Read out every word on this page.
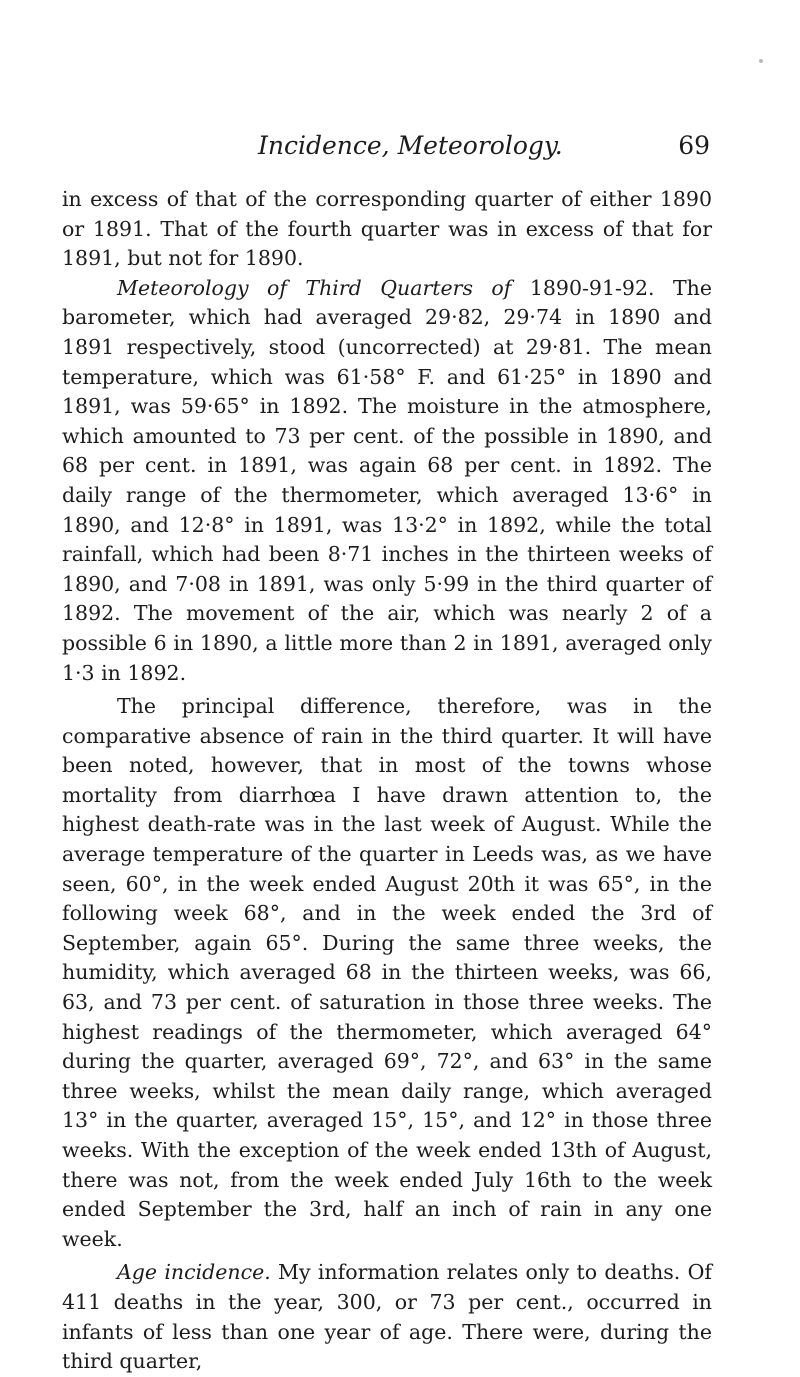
Incidence, Meteorology.	69

in excess of that of the corresponding quarter of either 1890 or 1891. That of the fourth quarter was in excess of that for 1891, but not for 1890.

Meteorology of Third Quarters of 1890-91-92. The barometer, which had averaged 29·82, 29·74 in 1890 and 1891 respectively, stood (uncorrected) at 29·81. The mean temperature, which was 61·58° F. and 61·25° in 1890 and 1891, was 59·65° in 1892. The moisture in the atmosphere, which amounted to 73 per cent. of the possible in 1890, and 68 per cent. in 1891, was again 68 per cent. in 1892. The daily range of the thermometer, which averaged 13·6° in 1890, and 12·8° in 1891, was 13·2° in 1892, while the total rainfall, which had been 8·71 inches in the thirteen weeks of 1890, and 7·08 in 1891, was only 5·99 in the third quarter of 1892. The movement of the air, which was nearly 2 of a possible 6 in 1890, a little more than 2 in 1891, averaged only 1·3 in 1892.

The principal difference, therefore, was in the comparative absence of rain in the third quarter. It will have been noted, however, that in most of the towns whose mortality from diarrhœa I have drawn attention to, the highest death-rate was in the last week of August. While the average temperature of the quarter in Leeds was, as we have seen, 60°, in the week ended August 20th it was 65°, in the following week 68°, and in the week ended the 3rd of September, again 65°. During the same three weeks, the humidity, which averaged 68 in the thirteen weeks, was 66, 63, and 73 per cent. of saturation in those three weeks. The highest readings of the thermometer, which averaged 64° during the quarter, averaged 69°, 72°, and 63° in the same three weeks, whilst the mean daily range, which averaged 13° in the quarter, averaged 15°, 15°, and 12° in those three weeks. With the exception of the week ended 13th of August, there was not, from the week ended July 16th to the week ended September the 3rd, half an inch of rain in any one week.

Age incidence. My information relates only to deaths. Of 411 deaths in the year, 300, or 73 per cent., occurred in infants of less than one year of age. There were, during the third quarter,
